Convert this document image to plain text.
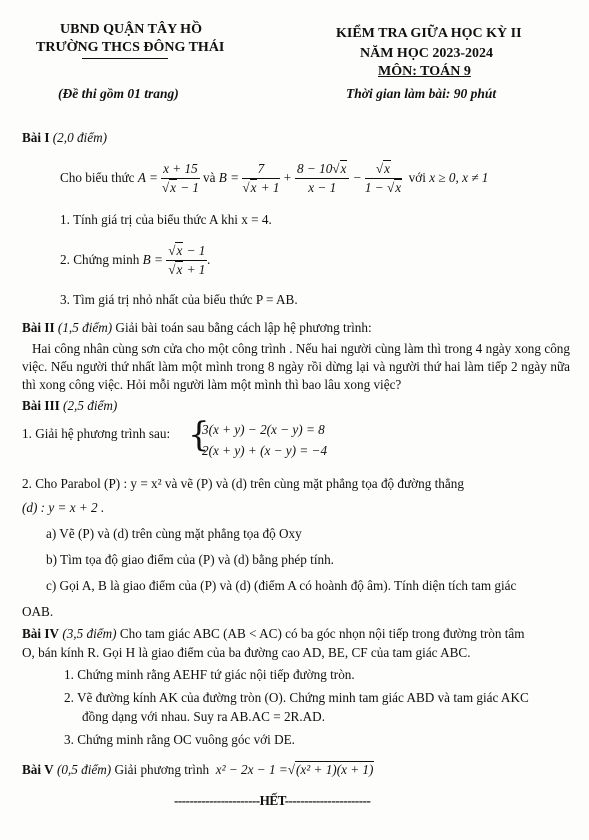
UBND QUẬN TÂY HỒ
TRƯỜNG THCS ĐÔNG THÁI
(Đề thi gồm 01 trang)
KIỂM TRA GIỮA HỌC KỲ II
NĂM HỌC 2023-2024
MÔN: TOÁN 9
Thời gian làm bài: 90 phút
Bài I (2,0 điểm)
Cho biểu thức
$A = \frac{x + 15}{√x - 1}$
và
$B = \frac{7}{√x + 1} + \frac{8 - 10√x}{x - 1} - \frac{√x}{1 - √x}$
với
x ≥ 0, x ≠ 1
1. Tính giá trị của biểu thức A khi x = 4.
2. Chứng minh
$B = \frac{√x - 1}{√x + 1}$ .
3. Tìm giá trị nhỏ nhất của biểu thức P = AB.
Bài II (1,5 điểm) Giải bài toán sau bằng cách lập hệ phương trình:
Hai công nhân cùng sơn cửa cho một công trình . Nếu hai người cùng làm thì trong 4 ngày xong công việc. Nếu người thứ nhất làm một mình trong 8 ngày rồi dừng lại và người thứ hai làm tiếp 2 ngày nữa thì xong công việc. Hỏi mỗi người làm một mình thì bao lâu xong việc?
Bài III (2,5 điểm)
1. Giải hệ phương trình sau: {
3(x + y) − 2(x − y) = 8
2(x + y) + (x − y) = −4
2. Cho Parabol (P) : y = x² và vẽ (P) và (d) trên cùng mặt phẳng tọa độ đường thẳng
(d) : y = x + 2 .
a) Vẽ (P) và (d) trên cùng mặt phẳng tọa độ Oxy
b) Tìm tọa độ giao điểm của (P) và (d) bằng phép tính.
c) Gọi A, B là giao điểm của (P) và (d) (điểm A có hoành độ âm). Tính diện tích tam giác
OAB.
Bài IV (3,5 điểm) Cho tam giác ABC (AB < AC) có ba góc nhọn nội tiếp trong đường tròn tâm
O, bán kính R. Gọi H là giao điểm của ba đường cao AD, BE, CF của tam giác ABC.
1. Chứng minh rằng AEHF tứ giác nội tiếp đường tròn.
2. Vẽ đường kính AK của đường tròn (O). Chứng minh tam giác ABD và tam giác AKC
đồng dạng với nhau. Suy ra AB.AC = 2R.AD.
3. Chứng minh rằng OC vuông góc với DE.
Bài V
(0,5 điểm)
Giải phương trình
x² − 2x − 1 = √(x² + 1)(x + 1)
----------------------HẾT----------------------
